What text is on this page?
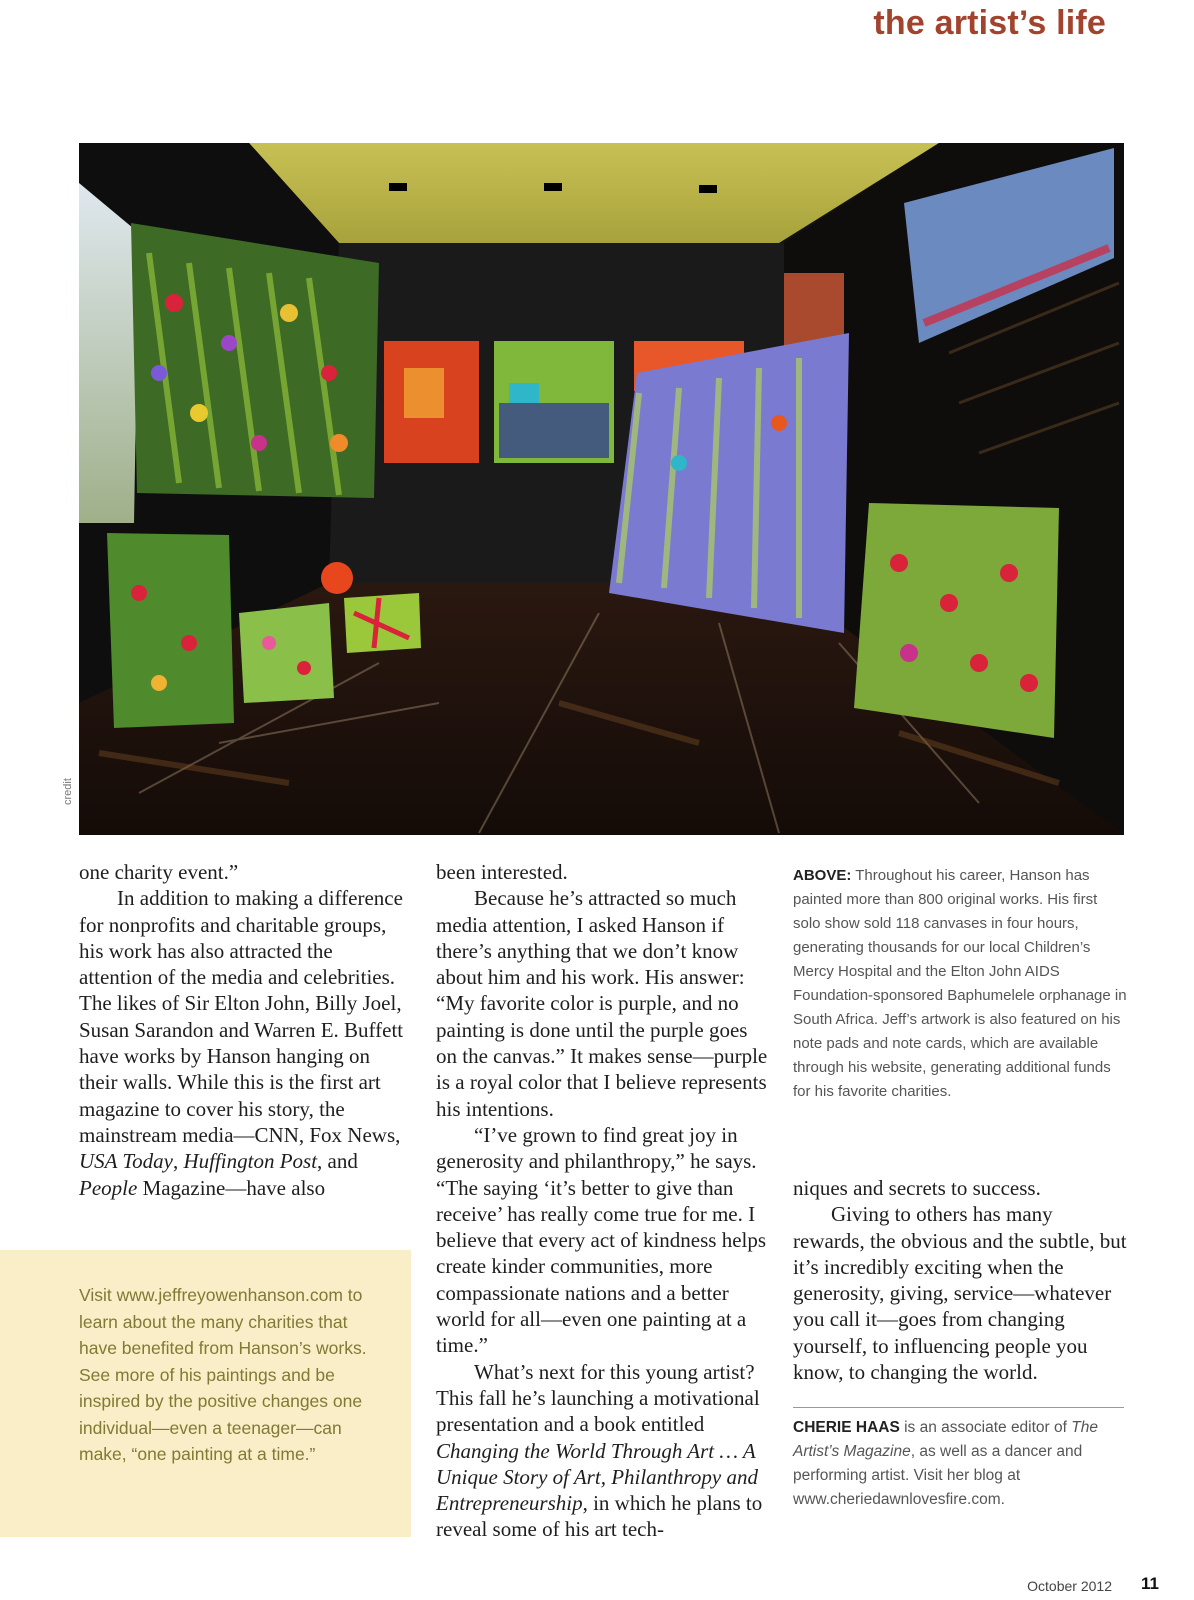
the artist’s life
credit

one charity event.”

In addition to making a difference for nonprofits and charitable groups, his work has also attracted the attention of the media and celebrities. The likes of Sir Elton John, Billy Joel, Susan Sarandon and Warren E. Buffett have works by Hanson hanging on their walls. While this is the first art magazine to cover his story, the mainstream media—CNN, Fox News, USA Today, Huffington Post, and People Magazine—have also

been interested.

Because he’s attracted so much media attention, I asked Hanson if there’s anything that we don’t know about him and his work. His answer: “My favorite color is purple, and no painting is done until the purple goes on the canvas.” It makes sense—purple is a royal color that I believe represents his intentions.

“I’ve grown to find great joy in generosity and philanthropy,” he says. “The saying ‘it’s better to give than receive’ has really come true for me. I believe that every act of kindness helps create kinder communities, more compassionate nations and a better world for all—even one painting at a time.”

What’s next for this young artist? This fall he’s launching a motivational presentation and a book entitled Changing the World Through Art … A Unique Story of Art, Philanthropy and Entrepreneurship, in which he plans to reveal some of his art tech-

ABOVE: Throughout his career, Hanson has painted more than 800 original works. His first solo show sold 118 canvases in four hours, generating thousands for our local Children’s Mercy Hospital and the Elton John AIDS Foundation-sponsored Baphumelele orphanage in South Africa. Jeff’s artwork is also featured on his note pads and note cards, which are available through his website, generating additional funds for his favorite charities.

niques and secrets to success.

Giving to others has many rewards, the obvious and the subtle, but it’s incredibly exciting when the generosity, giving, service—whatever you call it—goes from changing yourself, to influencing people you know, to changing the world.

Visit www.jeffreyowenhanson.com to learn about the many charities that have benefited from Hanson’s works. See more of his paintings and be inspired by the positive changes one individual—even a teenager—can make, “one painting at a time.”

CHERIE HAAS is an associate editor of The Artist’s Magazine, as well as a dancer and performing artist. Visit her blog at www.cheriedawnlovesfire.com.
October 2012 11
